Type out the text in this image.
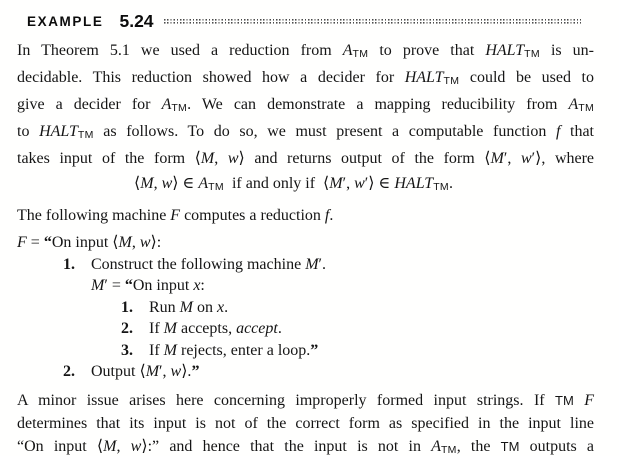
EXAMPLE 5.24
In Theorem 5.1 we used a reduction from ATM to prove that HALTTM is un-
decidable. This reduction showed how a decider for HALTTM could be used to
give a decider for ATM. We can demonstrate a mapping reducibility from ATM
to HALTTM as follows. To do so, we must present a computable function f that
takes input of the form ⟨M, w⟩ and returns output of the form ⟨M′, w′⟩, where
⟨M, w⟩ ∈ ATM  if and only if  ⟨M′, w′⟩ ∈ HALTTM.
The following machine F computes a reduction f.
F = “On input ⟨M, w⟩:
1. Construct the following machine M′.
M′ = “On input x:
1. Run M on x.
2. If M accepts, accept.
3. If M rejects, enter a loop.”
2. Output ⟨M′, w⟩.”
A minor issue arises here concerning improperly formed input strings. If TM F
determines that its input is not of the correct form as specified in the input line
“On input ⟨M, w⟩:” and hence that the input is not in ATM, the TM outputs a
